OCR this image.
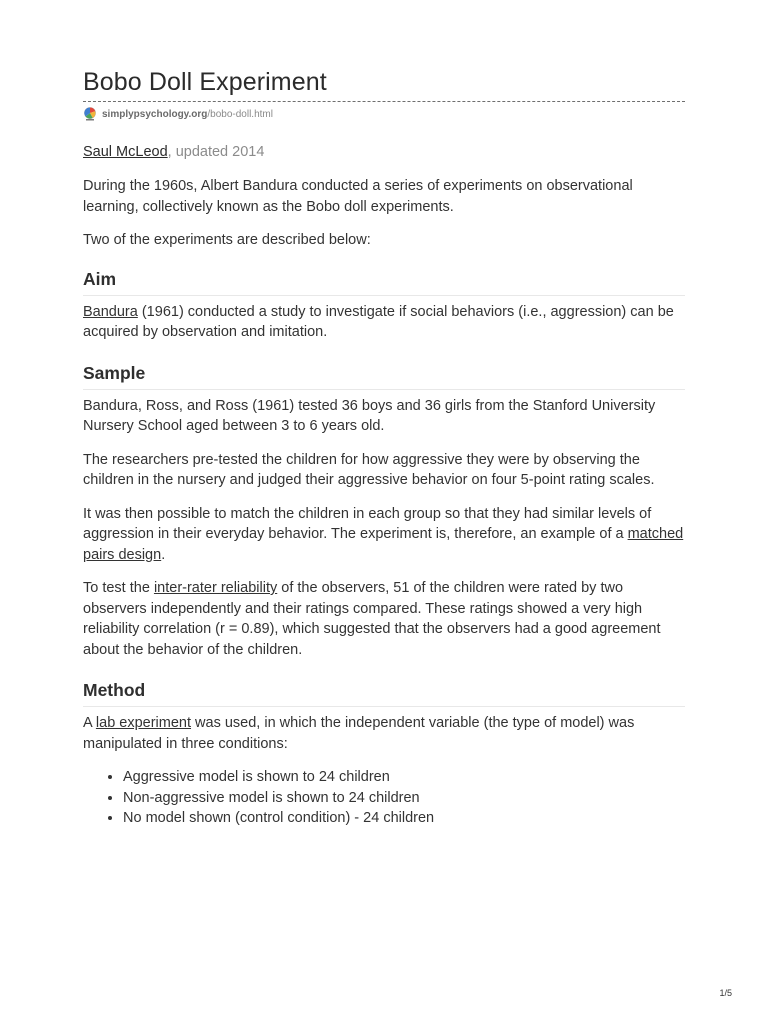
Bobo Doll Experiment
simplypsychology.org /bobo-doll.html
Saul McLeod, updated 2014

During the 1960s, Albert Bandura conducted a series of experiments on observational learning, collectively known as the Bobo doll experiments.

Two of the experiments are described below:

Aim

Bandura (1961) conducted a study to investigate if social behaviors (i.e., aggression) can be acquired by observation and imitation.

Sample

Bandura, Ross, and Ross (1961) tested 36 boys and 36 girls from the Stanford University Nursery School aged between 3 to 6 years old.

The researchers pre-tested the children for how aggressive they were by observing the children in the nursery and judged their aggressive behavior on four 5-point rating scales.

It was then possible to match the children in each group so that they had similar levels of aggression in their everyday behavior. The experiment is, therefore, an example of a matched pairs design.

To test the inter-rater reliability of the observers, 51 of the children were rated by two observers independently and their ratings compared. These ratings showed a very high reliability correlation (r = 0.89), which suggested that the observers had a good agreement about the behavior of the children.

Method

A lab experiment was used, in which the independent variable (the type of model) was manipulated in three conditions:

• Aggressive model is shown to 24 children
• Non-aggressive model is shown to 24 children
• No model shown (control condition) - 24 children
1/5
